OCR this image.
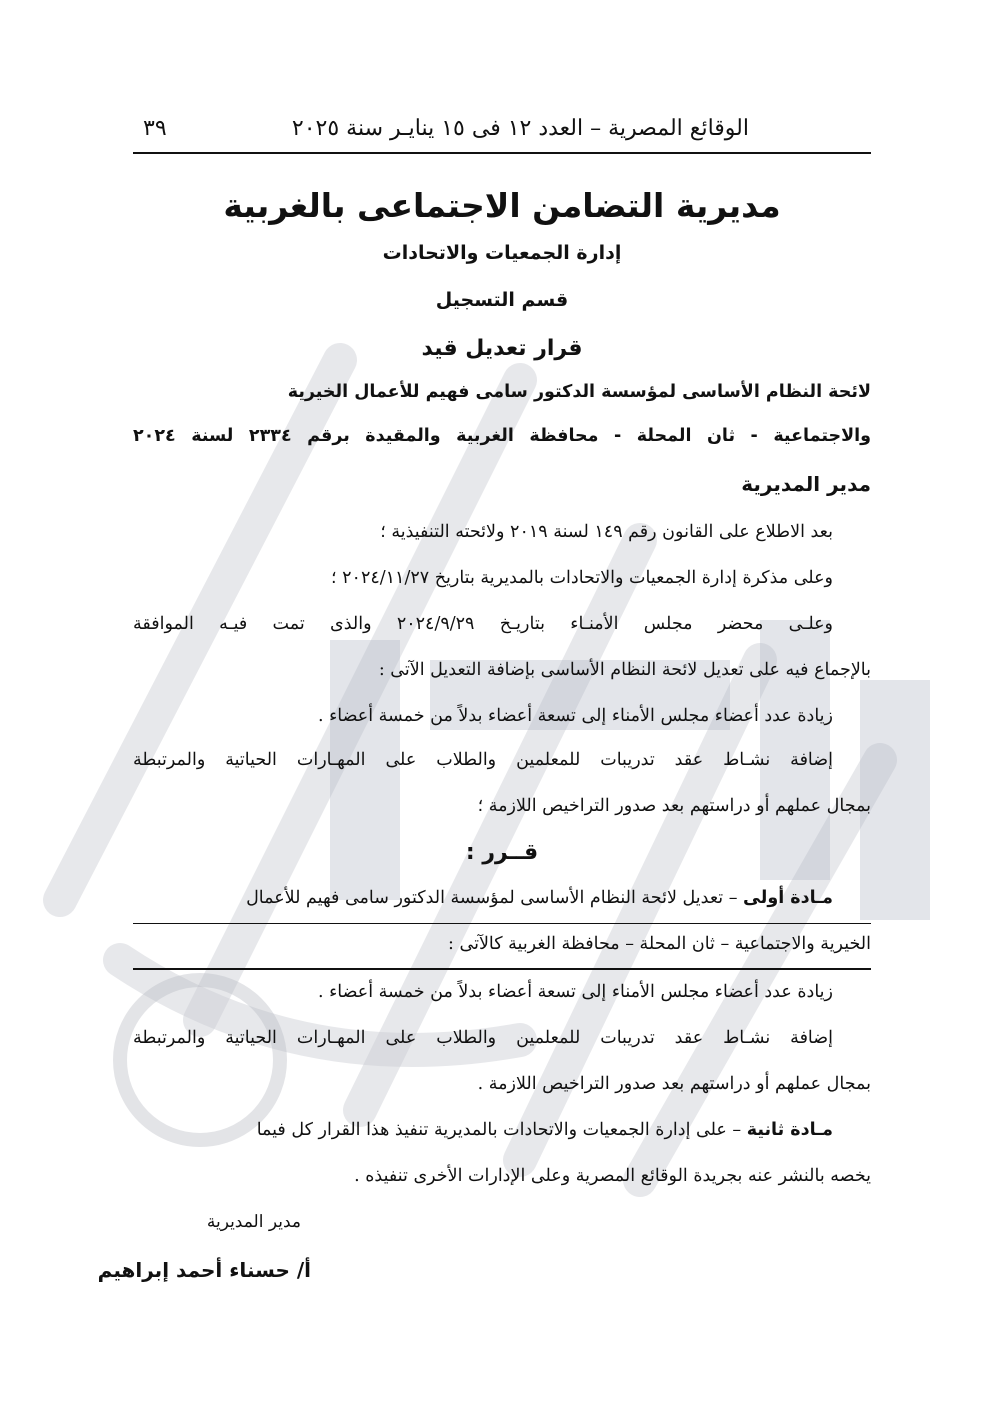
الوقائع المصرية – العدد ١٢ فى ١٥ ينايـر سنة ٢٠٢٥
٣٩
مديرية التضامن الاجتماعى بالغربية
إدارة الجمعيات والاتحادات
قسم التسجيل
قرار تعديل قيد
لائحة النظام الأساسى لمؤسسة الدكتور سامى فهيم للأعمال الخيرية
والاجتماعية - ثان المحلة - محافظة الغربية والمقيدة برقم ٢٣٣٤ لسنة ٢٠٢٤
مدير المديرية
بعد الاطلاع على القانون رقم ١٤٩ لسنة ٢٠١٩ ولائحته التنفيذية ؛
وعلى مذكرة إدارة الجمعيات والاتحادات بالمديرية بتاريخ ٢٠٢٤/١١/٢٧ ؛
وعلـى محضر مجلس الأمنـاء بتاريـخ ٢٠٢٤/٩/٢٩ والذى تمت فيـه الموافقة
بالإجماع فيه على تعديل لائحة النظام الأساسى بإضافة التعديل الآتى :
زيادة عدد أعضاء مجلس الأمناء إلى تسعة أعضاء بدلاً من خمسة أعضاء .
إضافة نشـاط عقد تدريبات للمعلمين والطلاب على المهـارات الحياتية والمرتبطة
بمجال عملهم أو دراستهم بعد صدور التراخيص اللازمة ؛
قــرر :
مـادة أولى – تعديل لائحة النظام الأساسى لمؤسسة الدكتور سامى فهيم للأعمال
الخيرية والاجتماعية – ثان المحلة – محافظة الغربية كالآتى :
زيادة عدد أعضاء مجلس الأمناء إلى تسعة أعضاء بدلاً من خمسة أعضاء .
إضافة نشـاط عقد تدريبات للمعلمين والطلاب على المهـارات الحياتية والمرتبطة
بمجال عملهم أو دراستهم بعد صدور التراخيص اللازمة .
مـادة ثانية – على إدارة الجمعيات والاتحادات بالمديرية تنفيذ هذا القرار كل فيما
يخصه بالنشر عنه بجريدة الوقائع المصرية وعلى الإدارات الأخرى تنفيذه .
مدير المديرية
أ/ حسناء أحمد إبراهيم
